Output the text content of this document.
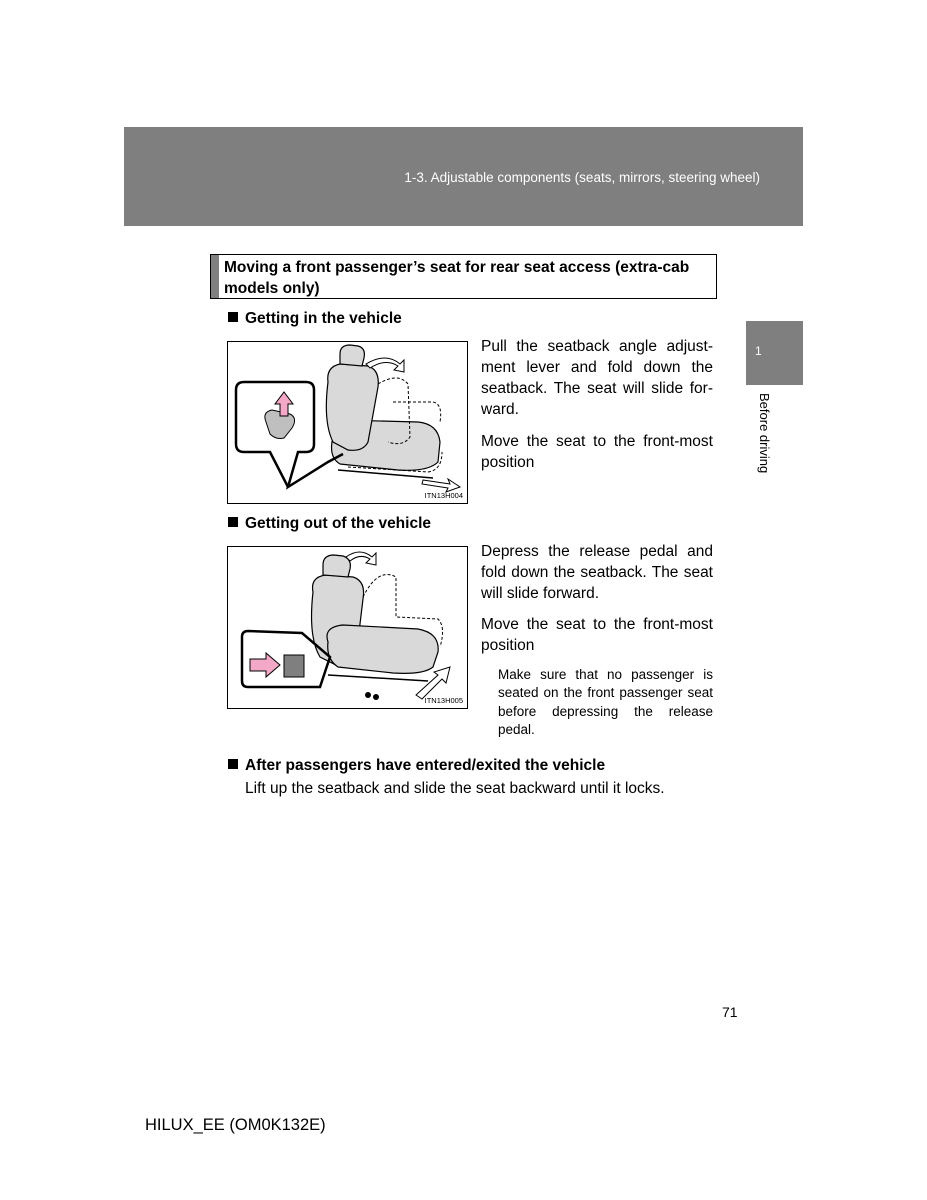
1-3. Adjustable components (seats, mirrors, steering wheel)
1
Before driving
Moving a front passenger’s seat for rear seat access (extra-cab models only)
Getting in the vehicle
ITN13H004

Pull the seatback angle adjust-ment lever and fold down the seatback. The seat will slide for-ward.

Move the seat to the front-most position

Getting out of the vehicle
ITN13H005

Depress the release pedal and fold down the seatback. The seat will slide forward.

Move the seat to the front-most position

Make sure that no passenger is seated on the front passenger seat before depressing the release pedal.

After passengers have entered/exited the vehicle
Lift up the seatback and slide the seat backward until it locks.
71
HILUX_EE (OM0K132E)
